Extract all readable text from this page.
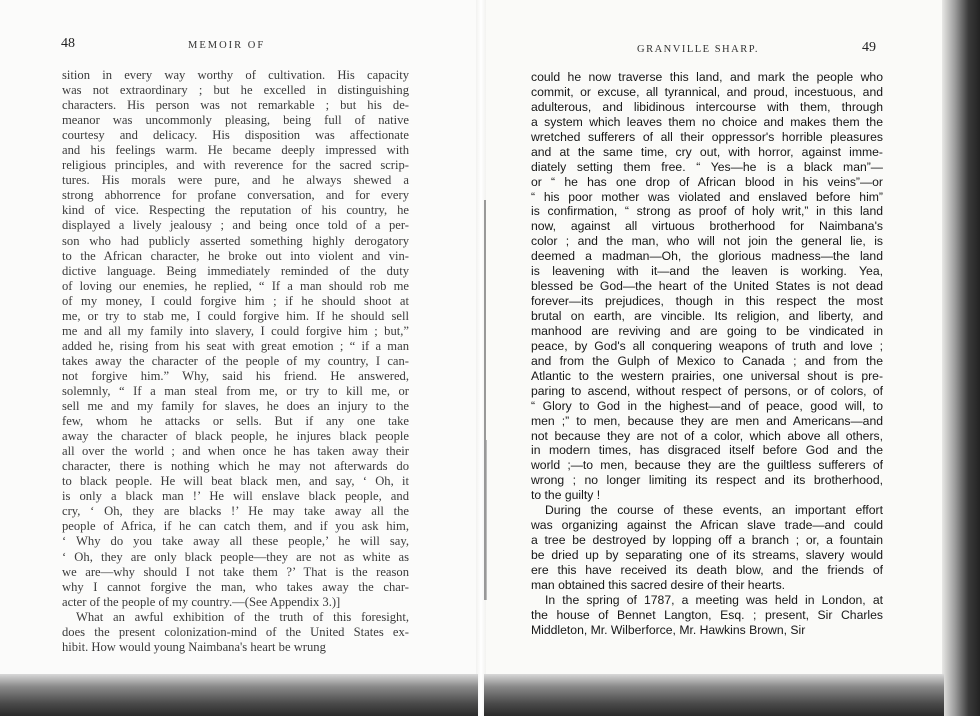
48	MEMOIR OF	GRANVILLE SHARP.	49
sition in every way worthy of cultivation. His capacity
was not extraordinary ; but he excelled in distinguishing
characters. His person was not remarkable ; but his de-
meanor was uncommonly pleasing, being full of native
courtesy and delicacy. His disposition was affectionate
and his feelings warm. He became deeply impressed with
religious principles, and with reverence for the sacred scrip-
tures. His morals were pure, and he always shewed a
strong abhorrence for profane conversation, and for every
kind of vice. Respecting the reputation of his country, he
displayed a lively jealousy ; and being once told of a per-
son who had publicly asserted something highly derogatory
to the African character, he broke out into violent and vin-
dictive language. Being immediately reminded of the duty
of loving our enemies, he replied, “ If a man should rob me
of my money, I could forgive him ; if he should shoot at
me, or try to stab me, I could forgive him. If he should sell
me and all my family into slavery, I could forgive him ; but,”
added he, rising from his seat with great emotion ; “ if a man
takes away the character of the people of my country, I can-
not forgive him.” Why, said his friend. He answered,
solemnly, “ If a man steal from me, or try to kill me, or
sell me and my family for slaves, he does an injury to the
few, whom he attacks or sells. But if any one take
away the character of black people, he injures black people
all over the world ; and when once he has taken away their
character, there is nothing which he may not afterwards do
to black people. He will beat black men, and say, ‘ Oh, it
is only a black man !’ He will enslave black people, and
cry, ‘ Oh, they are blacks !’ He may take away all the
people of Africa, if he can catch them, and if you ask him,
‘ Why do you take away all these people,’ he will say,
‘ Oh, they are only black people—they are not as white as
we are—why should I not take them ?’ That is the reason
why I cannot forgive the man, who takes away the char-
acter of the people of my country.—(See Appendix 3.)]
What an awful exhibition of the truth of this foresight,
does the present colonization-mind of the United States ex-
hibit. How would young Naimbana's heart be wrung
could he now traverse this land, and mark the people who
commit, or excuse, all tyrannical, and proud, incestuous, and
adulterous, and libidinous intercourse with them, through
a system which leaves them no choice and makes them the
wretched sufferers of all their oppressor's horrible pleasures
and at the same time, cry out, with horror, against imme-
diately setting them free. “ Yes—he is a black man”—
or “ he has one drop of African blood in his veins”—or
“ his poor mother was violated and enslaved before him”
is confirmation, “ strong as proof of holy writ,” in this land
now, against all virtuous brotherhood for Naimbana's
color ; and the man, who will not join the general lie, is
deemed a madman—Oh, the glorious madness—the land
is leavening with it—and the leaven is working. Yea,
blessed be God—the heart of the United States is not dead
forever—its prejudices, though in this respect the most
brutal on earth, are vincible. Its religion, and liberty, and
manhood are reviving and are going to be vindicated in
peace, by God's all conquering weapons of truth and love ;
and from the Gulph of Mexico to Canada ; and from the
Atlantic to the western prairies, one universal shout is pre-
paring to ascend, without respect of persons, or of colors, of
“ Glory to God in the highest—and of peace, good will, to
men ;” to men, because they are men and Americans—and
not because they are not of a color, which above all others,
in modern times, has disgraced itself before God and the
world ;—to men, because they are the guiltless sufferers of
wrong ; no longer limiting its respect and its brotherhood,
to the guilty !
During the course of these events, an important effort
was organizing against the African slave trade—and could
a tree be destroyed by lopping off a branch ; or, a fountain
be dried up by separating one of its streams, slavery would
ere this have received its death blow, and the friends of
man obtained this sacred desire of their hearts.
In the spring of 1787, a meeting was held in London, at
the house of Bennet Langton, Esq. ; present, Sir Charles
Middleton, Mr. Wilberforce, Mr. Hawkins Brown, Sir
